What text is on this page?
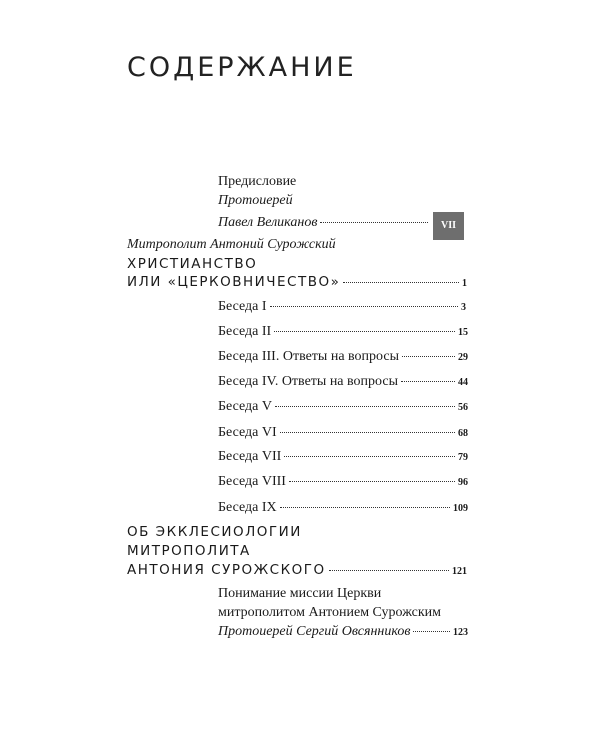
СОДЕРЖАНИЕ
Предисловие
Протоиерей
Павел Великанов	VII
Митрополит Антоний Сурожский
ХРИСТИАНСТВО
ИЛИ «ЦЕРКОВНИЧЕСТВО»	1
Беседа I	3
Беседа II	15
Беседа III. Ответы на вопросы	29
Беседа IV. Ответы на вопросы	44
Беседа V	56
Беседа VI	68
Беседа VII	79
Беседа VIII	96
Беседа IX	109
ОБ ЭККЛЕСИОЛОГИИ
МИТРОПОЛИТА
АНТОНИЯ СУРОЖСКОГО	121
Понимание миссии Церкви
митрополитом Антонием Сурожским
Протоиерей Сергий Овсянников	123
